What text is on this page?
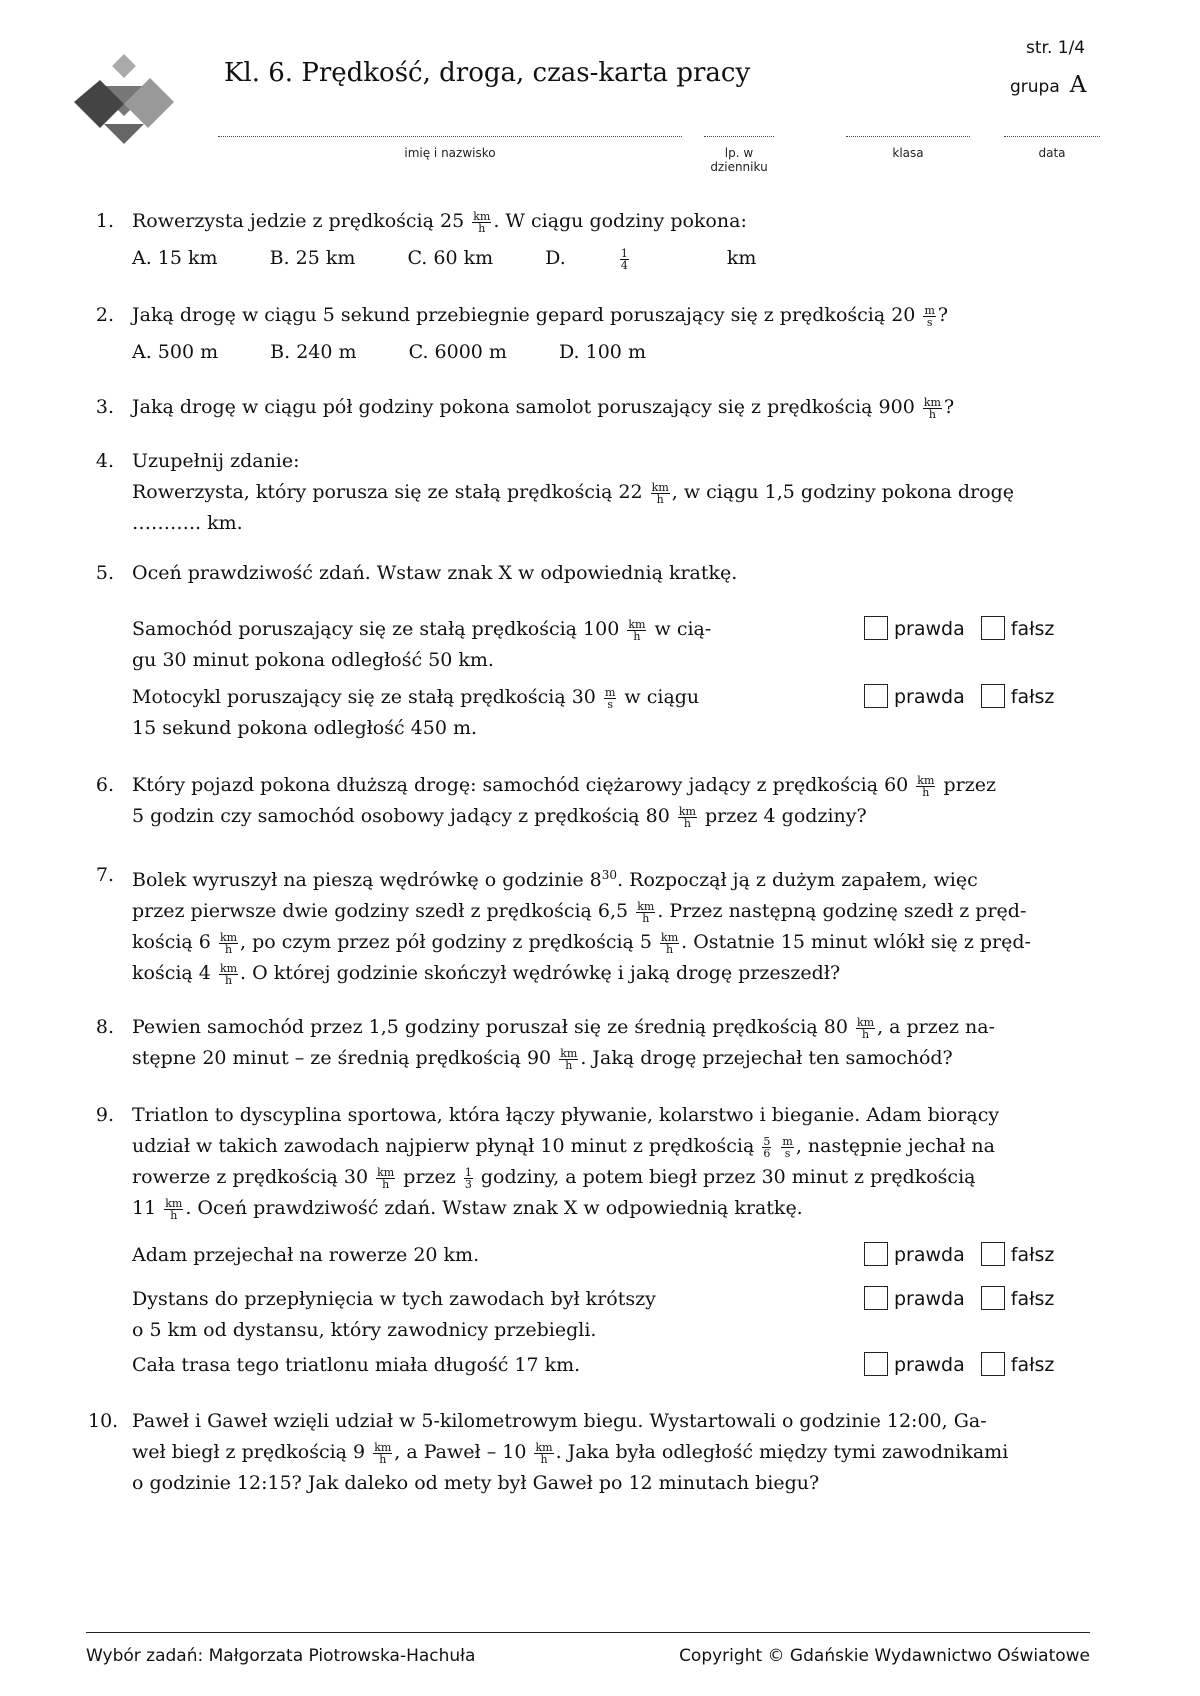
Kl. 6. Prędkość, droga, czas-karta pracy
str. 1/4
grupa A
imię i nazwisko	lp. w dzienniku
klasa	data
1. Rowerzysta jedzie z prędkością $25 \frac{km}{h}$ . W ciągu godziny pokona:
A. 15 km	B. 25 km	C. 60 km	D.	$\frac{1}{4}$	km
2. Jaką drogę w ciągu 5 sekund przebiegnie gepard poruszający się z prędkością $20 \frac{m}{s}$ ?
A. 500 m	B. 240 m	C. 6000 m	D. 100 m
3. Jaką drogę w ciągu pół godziny pokona samolot poruszający się z prędkością $900 \frac{km}{h}$ ?
4. Uzupełnij zdanie:
Rowerzysta, który porusza się ze stałą prędkością $22 \frac{km}{h}$ , w ciągu 1,5 godziny pokona drogę
……….. km.
5. Oceń prawdziwość zdań. Wstaw znak X w odpowiednią kratkę.
Samochód poruszający się ze stałą prędkością $100 \frac{km}{h}$ w cią-
gu 30 minut pokona odległość 50 km.
prawda fałsz
Motocykl poruszający się ze stałą prędkością $30 \frac{m}{s}$ w ciągu
15 sekund pokona odległość 450 m.
prawda fałsz
6. Który pojazd pokona dłuższą drogę: samochód ciężarowy jadący z prędkością $60 \frac{km}{h}$ przez
5 godzin czy samochód osobowy jadący z prędkością $80 \frac{km}{h}$ przez 4 godziny?
7. Bolek wyruszył na pieszą wędrówkę o godzinie $8^{30}$. Rozpoczął ją z dużym zapałem, więc
przez pierwsze dwie godziny szedł z prędkością $6,5 \frac{km}{h}$ . Przez następną godzinę szedł z pręd-
kością $6 \frac{km}{h}$ , po czym przez pół godziny z prędkością $5 \frac{km}{h}$ . Ostatnie 15 minut wlókł się z pręd-
kością $4 \frac{km}{h}$ . O której godzinie skończył wędrówkę i jaką drogę przeszedł?
8. Pewien samochód przez 1,5 godziny poruszał się ze średnią prędkością $80 \frac{km}{h}$ , a przez na-
stępne 20 minut – ze średnią prędkością $90 \frac{km}{h}$ . Jaką drogę przejechał ten samochód?
9. Triatlon to dyscyplina sportowa, która łączy pływanie, kolarstwo i bieganie. Adam biorący
udział w takich zawodach najpierw płynął 10 minut z prędkością $\frac{5}{6}$
$\frac{m}{s}$ , następnie jechał na
rowerze z prędkością $30 \frac{km}{h}$ przez $\frac{1}{3}$ godziny, a potem biegł przez 30 minut z prędkością
$11 \frac{km}{h}$ . Oceń prawdziwość zdań. Wstaw znak X w odpowiednią kratkę.
Adam przejechał na rowerze 20 km.	prawda fałsz
Dystans do przepłynięcia w tych zawodach był krótszy
o 5 km od dystansu, który zawodnicy przebiegli.
prawda fałsz
Cała trasa tego triatlonu miała długość 17 km.	prawda fałsz
10. Paweł i Gaweł wzięli udział w 5-kilometrowym biegu. Wystartowali o godzinie 12:00, Ga-
weł biegł z prędkością $9 \frac{km}{h}$ , a Paweł – $10 \frac{km}{h}$ . Jaka była odległość między tymi zawodnikami
o godzinie 12:15? Jak daleko od mety był Gaweł po 12 minutach biegu?
Wybór zadań: Małgorzata Piotrowska-Hachuła	Copyright © Gdańskie Wydawnictwo Oświatowe
